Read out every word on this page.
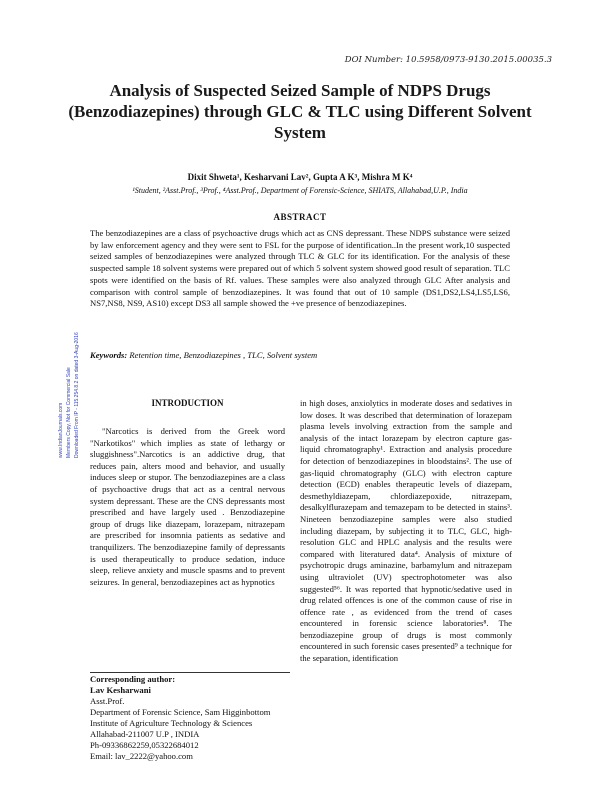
DOI Number: 10.5958/0973-9130.2015.00035.3
Analysis of Suspected Seized Sample of NDPS Drugs (Benzodiazepines) through GLC & TLC using Different Solvent System
Dixit Shweta¹, Kesharvani Lav², Gupta A K³, Mishra M K⁴
¹Student, ²Asst.Prof., ³Prof., ⁴Asst.Prof., Department of Forensic-Science, SHIATS, Allahabad,U.P., India
ABSTRACT
The benzodiazepines are a class of psychoactive drugs which act as CNS depressant. These NDPS substance were seized by law enforcement agency and they were sent to FSL for the purpose of identification..In the present work,10 suspected seized samples of benzodiazepines were analyzed through TLC & GLC for its identification. For the analysis of these suspected sample 18 solvent systems were prepared out of which 5 solvent system showed good result of separation. TLC spots were identified on the basis of Rf. values. These samples were also analyzed through GLC After analysis and comparison with control sample of benzodiazepines. It was found that out of 10 sample (DS1,DS2,LS4,LS5,LS6, NS7,NS8, NS9, AS10) except DS3 all sample showed the +ve presence of benzodiazepines.
Keywords: Retention time, Benzodiazepines , TLC, Solvent system
www.IndianJournals.com Members Copy, Not for Commercial Sale Downloaded From IP - 115.254.8.2 on dated 3-Aug-2016	INTRODUCTION

"Narcotics is derived from the Greek word "Narkotikos" which implies as state of lethargy or sluggishness".Narcotics is an addictive drug, that reduces pain, alters mood and behavior, and usually induces sleep or stupor. The benzodiazepines are a class of psychoactive drugs that act as a central nervous system depressant. These are the CNS depressants most prescribed and have largely used . Benzodiazepine group of drugs like diazepam, lorazepam, nitrazepam are prescribed for insomnia patients as sedative and tranquilizers. The benzodiazepine family of depressants is used therapeutically to produce sedation, induce sleep, relieve anxiety and muscle spasms and to prevent seizures. In general, benzodiazepines act as hypnotics

in high doses, anxiolytics in moderate doses and sedatives in low doses. It was described that determination of lorazepam plasma levels involving extraction from the sample and analysis of the intact lorazepam by electron capture gas-liquid chromatography¹. Extraction and analysis procedure for detection of benzodiazepines in bloodstains². The use of gas-liquid chromatography (GLC) with electron capture detection (ECD) enables therapeutic levels of diazepam, desmethyldiazepam, chlordiazepoxide, nitrazepam, desalkylflurazepam and temazepam to be detected in stains³. Nineteen benzodiazepine samples were also studied including diazepam, by subjecting it to TLC, GLC, high-resolution GLC and HPLC analysis and the results were compared with literatured data⁴. Analysis of mixture of psychotropic drugs aminazine, barbamylum and nitrazepam using ultraviolet (UV) spectrophotometer was also suggested⁵⁶. It was reported that hypnotic/sedative used in drug related offences is one of the common cause of rise in offence rate , as evidenced from the trend of cases encountered in forensic science laboratories⁸. The benzodiazepine group of drugs is most commonly encountered in such forensic cases presented⁹ a technique for the separation, identification

Corresponding author:
Lav Kesharwani
Asst.Prof.
Department of Forensic Science, Sam Higginbottom
Institute of Agriculture Technology & Sciences
Allahabad-211007 U.P , INDIA
Ph-09336862259,05322684012
Email: lav_2222@yahoo.com
